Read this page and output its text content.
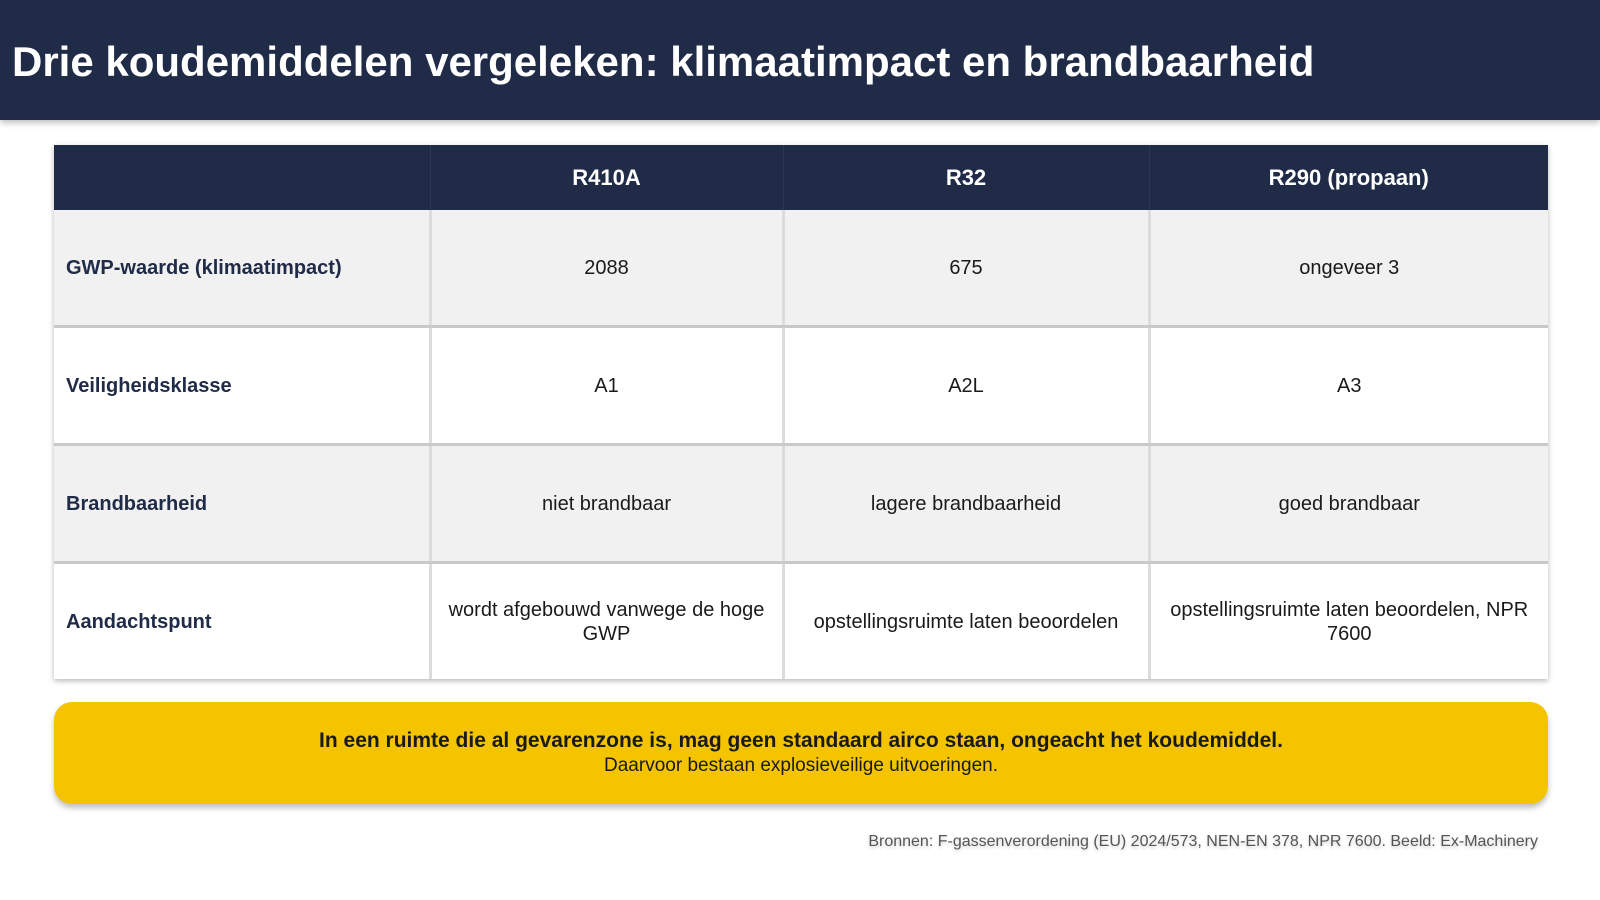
Drie koudemiddelen vergeleken: klimaatimpact en brandbaarheid
	R410A	R32	R290 (propaan)
GWP-waarde (klimaatimpact)	2088	675	ongeveer 3
Veiligheidsklasse	A1	A2L	A3
Brandbaarheid	niet brandbaar	lagere brandbaarheid	goed brandbaar
Aandachtspunt	wordt afgebouwd vanwege de hoge GWP	opstellingsruimte laten beoordelen	opstellingsruimte laten beoordelen, NPR 7600
In een ruimte die al gevarenzone is, mag geen standaard airco staan, ongeacht het koudemiddel.
Daarvoor bestaan explosieveilige uitvoeringen.
Bronnen: F-gassenverordening (EU) 2024/573, NEN-EN 378, NPR 7600. Beeld: Ex-Machinery
